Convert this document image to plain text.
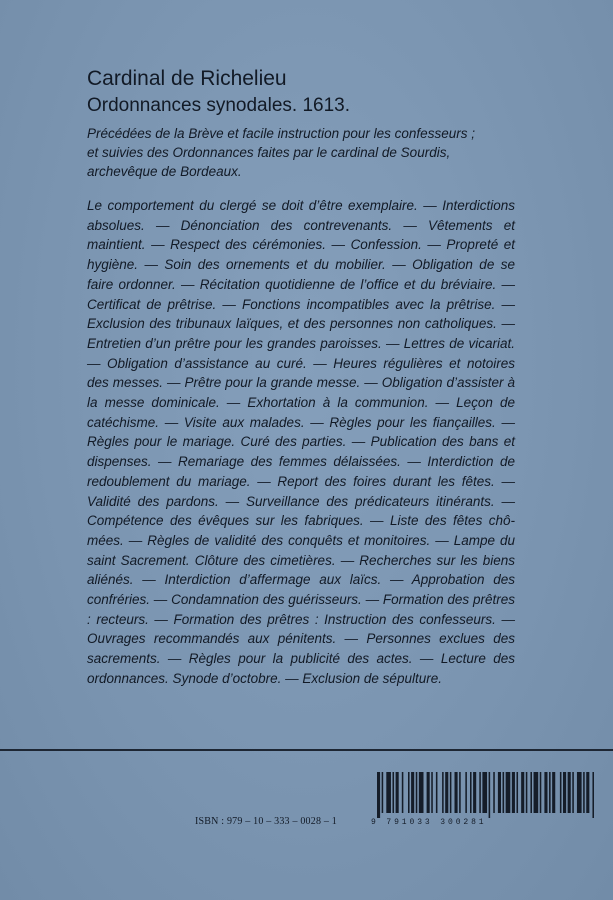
Cardinal de Richelieu
Ordonnances synodales. 1613.
Précédées de la Brève et facile instruction pour les confesseurs ;
et suivies des Ordonnances faites par le cardinal de Sourdis,
archevêque de Bordeaux.
Le comportement du clergé se doit d’être exemplaire. — Interdictions absolues. — Dénonciation des contrevenants. — Vêtements et maintient. — Respect des cérémonies. — Confession. — Propreté et hygiène. — Soin des ornements et du mobilier. — Obligation de se faire ordonner. — Récitation quotidienne de l’office et du bréviaire. — Certificat de prêtrise. — Fonctions incompatibles avec la prêtrise. — Exclusion des tribunaux laïques, et des personnes non catholiques. — Entretien d’un prêtre pour les grandes paroisses. — Lettres de vicariat. — Obligation d’assistance au curé. — Heures régulières et notoires des messes. — Prêtre pour la grande messe. — Obligation d’assister à la messe dominicale. — Exhortation à la communion. — Leçon de catéchisme. — Visite aux malades. — Règles pour les fiançailles. — Règles pour le mariage. Curé des parties. — Publication des bans et dispenses. — Remariage des femmes délaissées. — Interdiction de redoublement du mariage. — Report des foires durant les fêtes. — Validité des pardons. — Surveillance des prédicateurs itinérants. — Compétence des évêques sur les fabriques. — Liste des fêtes chômées. — Règles de validité des conquêts et monitoires. — Lampe du saint Sacrement. Clôture des cimetières. — Recherches sur les biens aliénés. — Interdiction d’affermage aux laïcs. — Approbation des confréries. — Condamnation des guérisseurs. — Formation des prêtres : recteurs. — Formation des prêtres : Instruction des confesseurs. — Ouvrages recommandés aux pénitents. — Personnes exclues des sacrements. — Règles pour la publicité des actes. — Lecture des ordonnances. Synode d’octobre. — Exclusion de sépulture.
ISBN : 979 – 10 – 333 – 0028 – 1	9 791033 300281
